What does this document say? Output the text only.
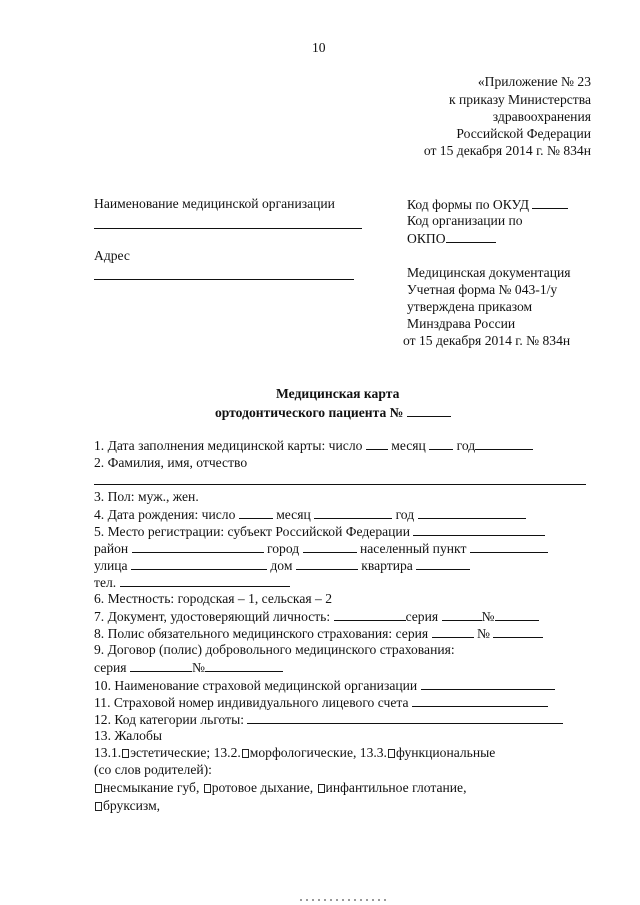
10
«Приложение № 23
к приказу Министерства
здравоохранения
Российской Федерации
от 15 декабря 2014 г. № 834н
Наименование медицинской организации
Адрес
Код формы по ОКУД
Код организации по
ОКПО
Медицинская документация
Учетная форма № 043-1/у
утверждена приказом
Минздрава России
от 15 декабря 2014 г. № 834н
Медицинская карта
ортодонтического пациента №
1. Дата заполнения медицинской карты: число месяц год
2. Фамилия, имя, отчество
3. Пол: муж., жен.
4. Дата рождения: число	месяц	год
5. Место регистрации: субъект Российской Федерации
район	город	населенный пункт
улица	дом	квартира
тел.
6. Местность: городская – 1, сельская – 2
7. Документ, удостоверяющий личность:	серия	№
8. Полис обязательного медицинского страхования: серия	№
9. Договор (полис) добровольного медицинского страхования:
серия	№
10. Наименование страховой медицинской организации
11. Страховой номер индивидуального лицевого счета
12. Код категории льготы:
13. Жалобы
13.1. эстетические; 13.2. морфологические, 13.3. функциональные
(со слов родителей):
несмыкание губ, ротовое дыхание, инфантильное глотание,
бруксизм,
